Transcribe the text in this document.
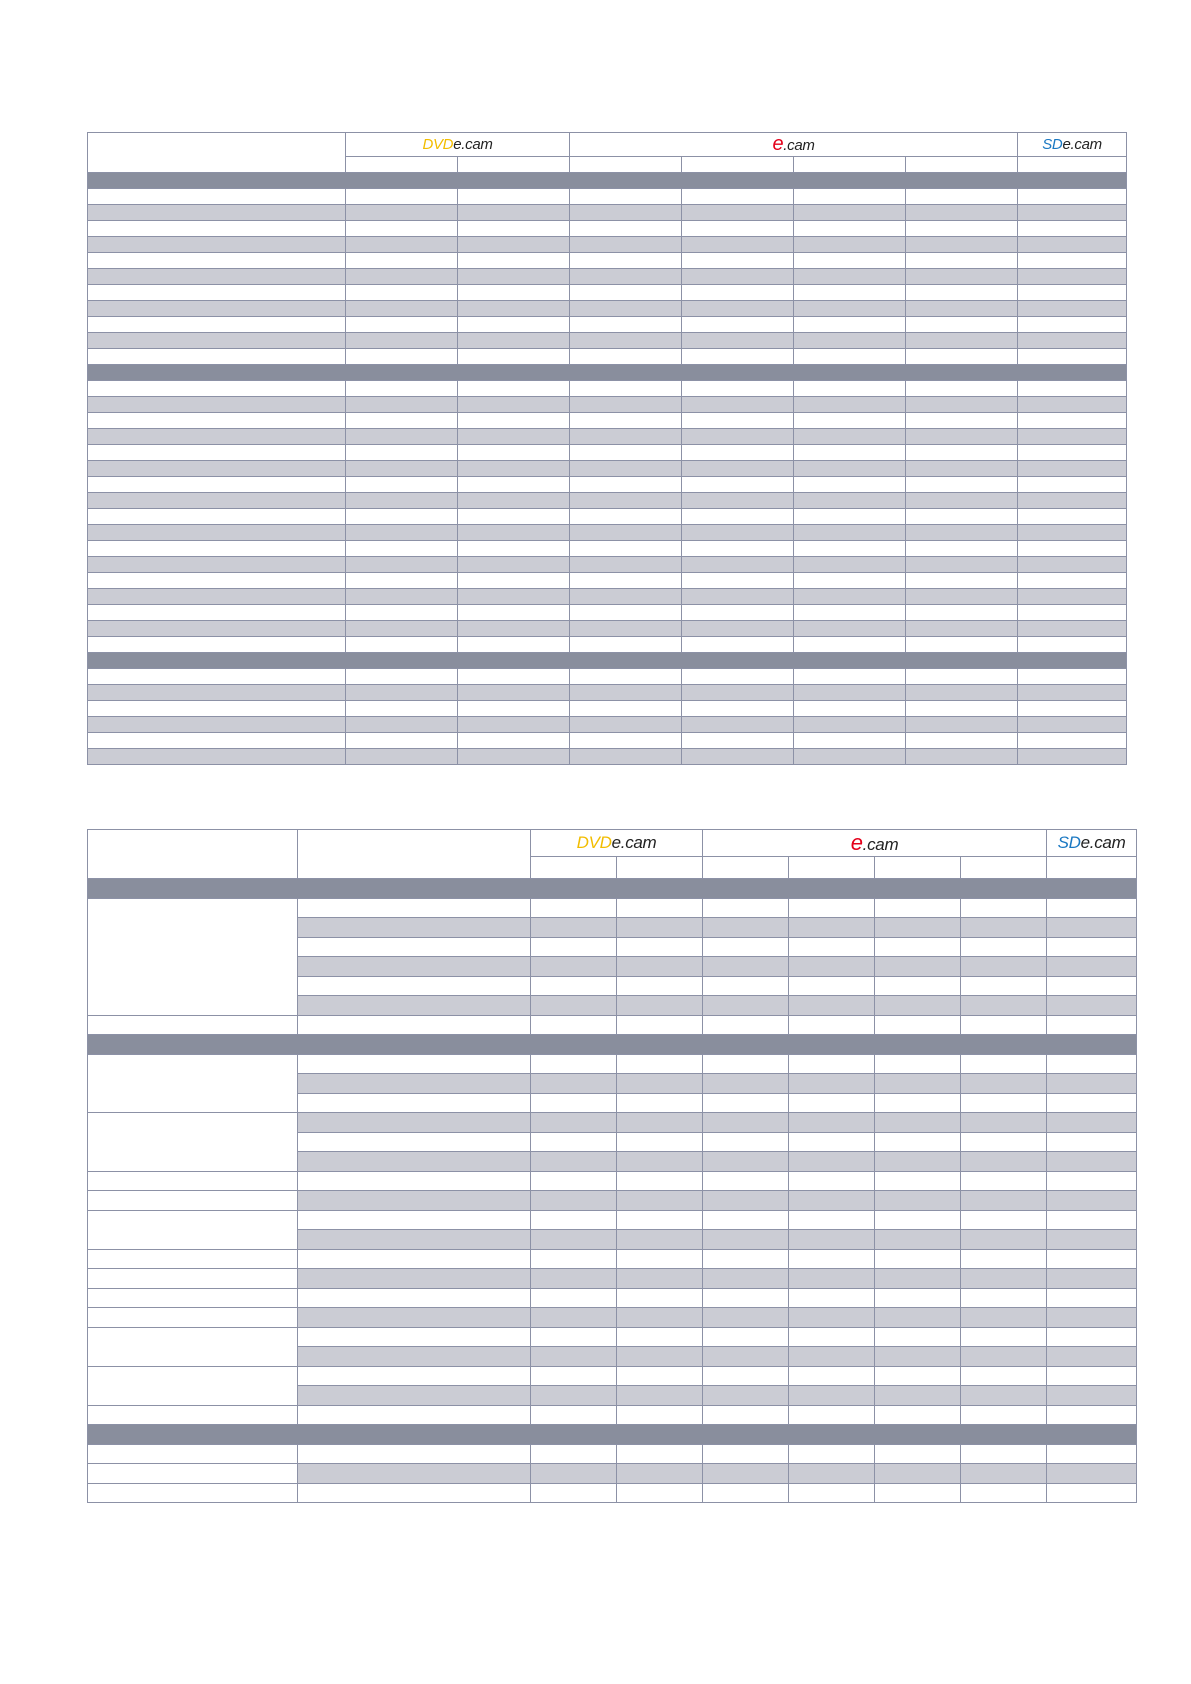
	DVDe.cam		e.cam				SDe.cam

		DVDe.cam		e.cam				SDe.cam
